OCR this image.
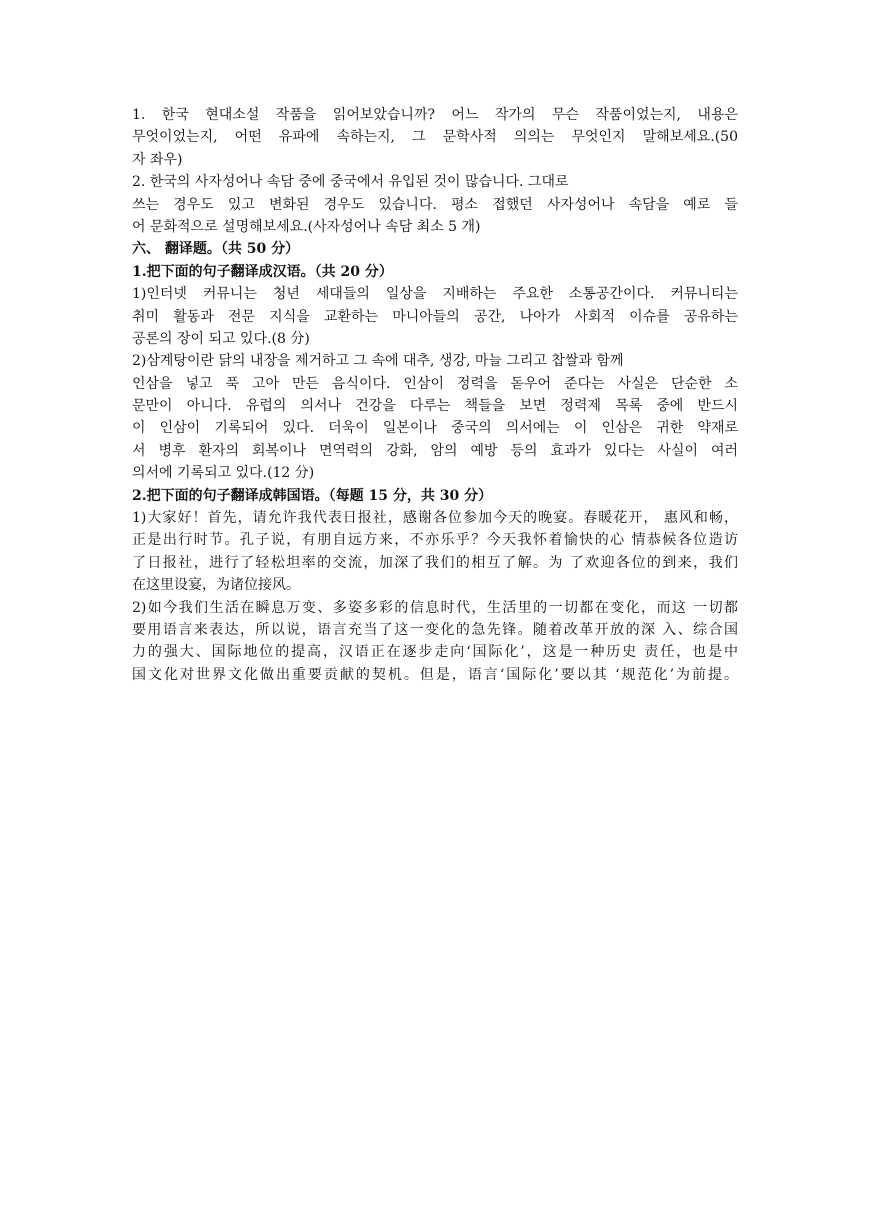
1. 한국 현대소설 작품을 읽어보았습니까? 어느 작가의 무슨 작품이었는지, 내용은
무엇이었는지, 어떤 유파에 속하는지, 그 문학사적 의의는 무엇인지 말해보세요.(50
자 좌우)
2. 한국의 사자성어나 속담 중에 중국에서 유입된 것이 많습니다. 그대로
쓰는 경우도 있고 변화된 경우도 있습니다. 평소 접했던 사자성어나 속담을 예로 들
어 문화적으로 설명해보세요.(사자성어나 속담 최소 5 개)
六、 翻译题。（共 50 分）
1.把下面的句子翻译成汉语。（共 20 分）
1)인터넷 커뮤니는 청년 세대들의 일상을 지배하는 주요한 소통공간이다. 커뮤니티는
취미 활동과 전문 지식을 교환하는 마니아들의 공간, 나아가 사회적 이슈를 공유하는
공론의 장이 되고 있다.(8 分)
2)삼계탕이란 닭의 내장을 제거하고 그 속에 대추, 생강, 마늘 그리고 찹쌀과 함께
인삼을 넣고 푹 고아 만든 음식이다. 인삼이 정력을 돋우어 준다는 사실은 단순한 소
문만이 아니다. 유럽의 의서나 건강을 다루는 책들을 보면 정력제 목록 중에 반드시
이 인삼이 기록되어 있다. 더욱이 일본이나 중국의 의서에는 이 인삼은 귀한 약재로
서 병후 환자의 회복이나 면역력의 강화, 암의 예방 등의 효과가 있다는 사실이 여러
의서에 기록되고 있다.(12 分)
2.把下面的句子翻译成韩国语。（每题 15 分，共 30 分）
1)大家好！首先，请允许我代表日报社，感谢各位参加今天的晚宴。春暖花开， 惠风和畅，
正是出行时节。孔子说，有朋自远方来，不亦乐乎？今天我怀着愉快的心 情恭候各位造访
了日报社，进行了轻松坦率的交流，加深了我们的相互了解。为 了欢迎各位的到来，我们
在这里设宴，为诸位接风。
2)如今我们生活在瞬息万变、多姿多彩的信息时代，生活里的一切都在变化，而这 一切都
要用语言来表达，所以说，语言充当了这一变化的急先锋。随着改革开放的深 入、综合国
力的强大、国际地位的提高，汉语正在逐步走向‘国际化’，这是一种历史 责任，也是中
国文化对世界文化做出重要贡献的契机。但是，语言‘国际化’要以其 ‘规范化’为前提。
